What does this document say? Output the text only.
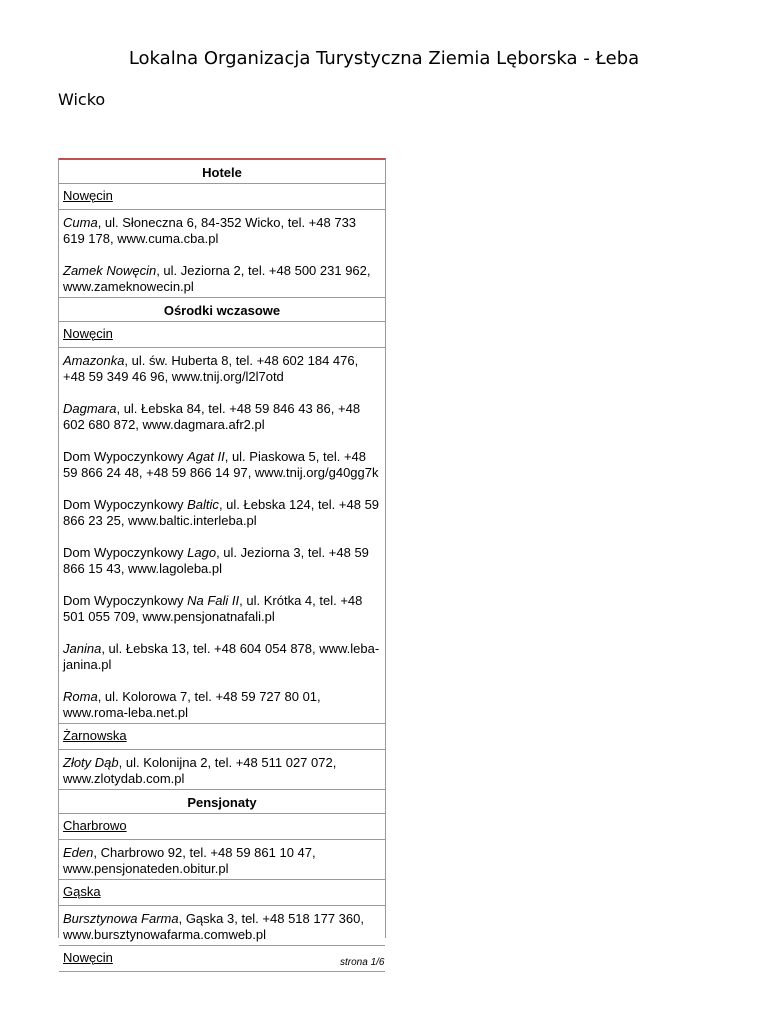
Lokalna Organizacja Turystyczna Ziemia Lęborska - Łeba
Wicko
Hotele
Nowęcin
Cuma, ul. Słoneczna 6, 84-352 Wicko, tel. +48 733 619 178, www.cuma.cba.pl
Zamek Nowęcin, ul. Jeziorna 2, tel. +48 500 231 962, www.zameknowecin.pl
Ośrodki wczasowe
Nowęcin
Amazonka, ul. św. Huberta 8, tel. +48 602 184 476, +48 59 349 46 96, www.tnij.org/l2l7otd
Dagmara, ul. Łebska 84, tel. +48 59 846 43 86, +48 602 680 872, www.dagmara.afr2.pl
Dom Wypoczynkowy Agat II, ul. Piaskowa 5, tel. +48 59 866 24 48, +48 59 866 14 97, www.tnij.org/g40gg7k
Dom Wypoczynkowy Baltic, ul. Łebska 124, tel. +48 59 866 23 25, www.baltic.interleba.pl
Dom Wypoczynkowy Lago, ul. Jeziorna 3, tel. +48 59 866 15 43, www.lagoleba.pl
Dom Wypoczynkowy Na Fali II, ul. Krótka 4, tel. +48 501 055 709, www.pensjonatnafali.pl
Janina, ul. Łebska 13, tel. +48 604 054 878, www.leba-janina.pl
Roma, ul. Kolorowa 7, tel. +48 59 727 80 01, www.roma-leba.net.pl
Żarnowska
Złoty Dąb, ul. Kolonijna 2, tel. +48 511 027 072, www.zlotydab.com.pl
Pensjonaty
Charbrowo
Eden, Charbrowo 92, tel. +48 59 861 10 47, www.pensjonateden.obitur.pl
Gąska
Bursztynowa Farma, Gąska 3, tel. +48 518 177 360, www.bursztynowafarma.comweb.pl
Nowęcin	strona 1/6
